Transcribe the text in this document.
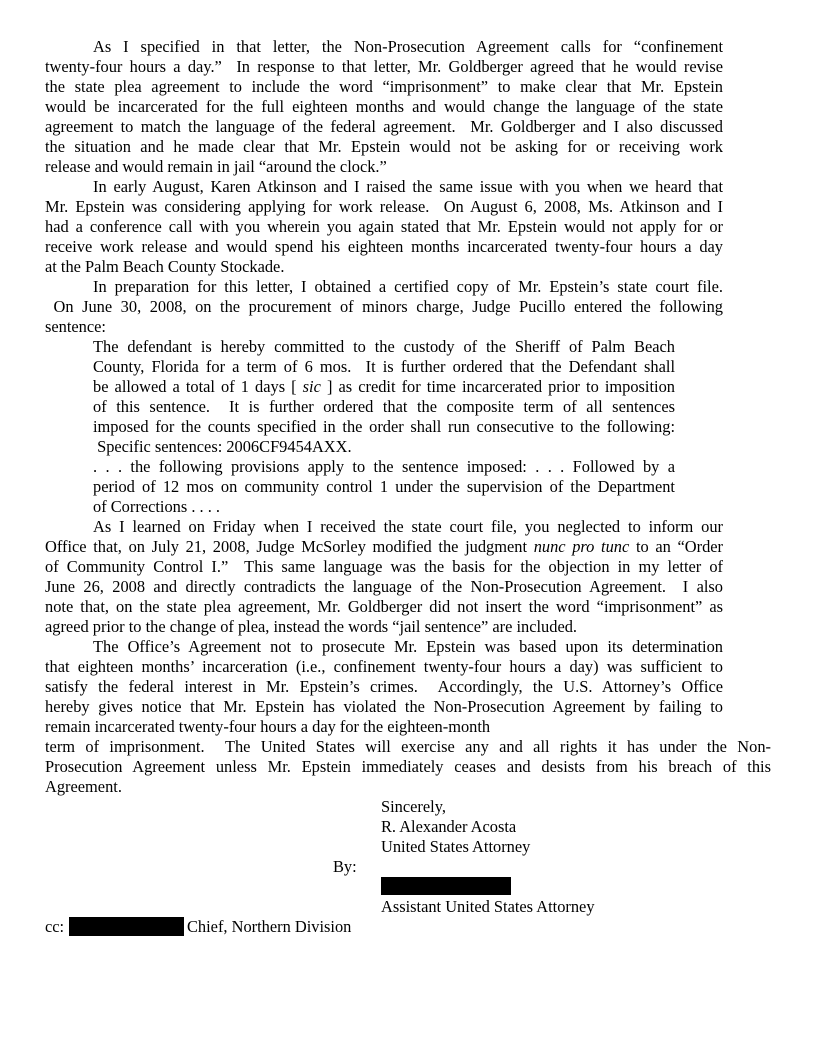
As I specified in that letter, the Non-Prosecution Agreement calls for “confinement
twenty-four hours a day.”  In response to that letter, Mr. Goldberger agreed that he would revise
the state plea agreement to include the word “imprisonment” to make clear that Mr. Epstein
would be incarcerated for the full eighteen months and would change the language of the state
agreement to match the language of the federal agreement.  Mr. Goldberger and I also discussed
the situation and he made clear that Mr. Epstein would not be asking for or receiving work
release and would remain in jail “around the clock.”
In early August, Karen Atkinson and I raised the same issue with you when we heard that
Mr. Epstein was considering applying for work release.  On August 6, 2008, Ms. Atkinson and I
had a conference call with you wherein you again stated that Mr. Epstein would not apply for or
receive work release and would spend his eighteen months incarcerated twenty-four hours a day
at the Palm Beach County Stockade.
In preparation for this letter, I obtained a certified copy of Mr. Epstein’s state court file.
On June 30, 2008, on the procurement of minors charge, Judge Pucillo entered the following
sentence:
The defendant is hereby committed to the custody of the Sheriff of Palm Beach
County, Florida for a term of 6 mos.  It is further ordered that the Defendant shall
be allowed a total of 1 days [ sic ] as credit for time incarcerated prior to imposition
of this sentence.  It is further ordered that the composite term of all sentences
imposed for the counts specified in the order shall run consecutive to the following:
Specific sentences: 2006CF9454AXX.
. . . the following provisions apply to the sentence imposed: . . . Followed by a
period of 12 mos on community control 1 under the supervision of the Department
of Corrections . . . .
As I learned on Friday when I received the state court file, you neglected to inform our
Office that, on July 21, 2008, Judge McSorley modified the judgment nunc pro tunc to an “Order
of Community Control I.”  This same language was the basis for the objection in my letter of
June 26, 2008 and directly contradicts the language of the Non-Prosecution Agreement.  I also
note that, on the state plea agreement, Mr. Goldberger did not insert the word “imprisonment” as
agreed prior to the change of plea, instead the words “jail sentence” are included.
The Office’s Agreement not to prosecute Mr. Epstein was based upon its determination
that eighteen months’ incarceration (i.e., confinement twenty-four hours a day) was sufficient to
satisfy the federal interest in Mr. Epstein’s crimes.  Accordingly, the U.S. Attorney’s Office
hereby gives notice that Mr. Epstein has violated the Non-Prosecution Agreement by failing to
remain incarcerated twenty-four hours a day for the eighteen-month
term of imprisonment.  The United States will exercise any and all rights it has under the Non-
Prosecution Agreement unless Mr. Epstein immediately ceases and desists from his breach of this
Agreement.
Sincerely,
R. Alexander Acosta
United States Attorney
By:
Assistant United States Attorney
cc:	Chief, Northern Division
